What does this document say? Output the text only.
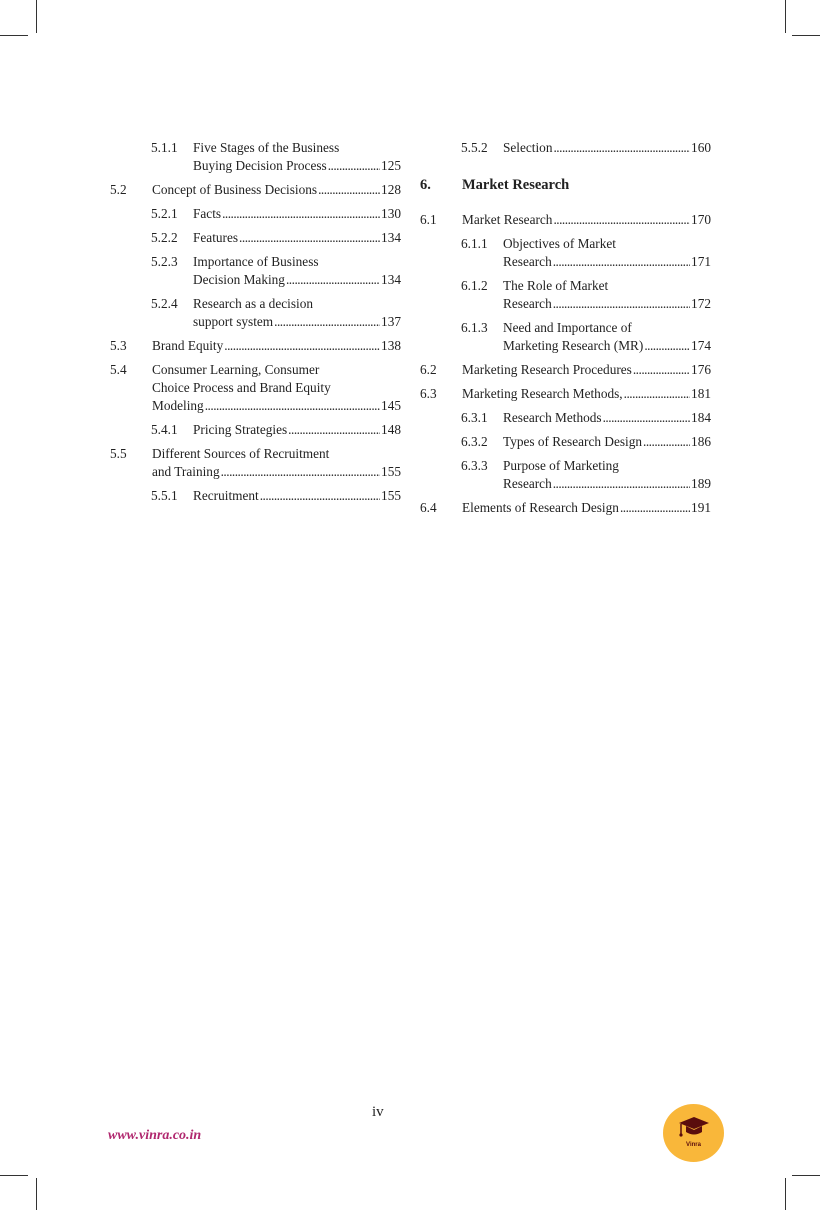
5.1.1 Five Stages of the Business
Buying Decision Process .....	125
5.2 Concept of Business Decisions .....	128
5.2.1 Facts .....	130
5.2.2 Features .....	134
5.2.3 Importance of Business
Decision Making .....	134
5.2.4 Research as a decision
support system .....	137
5.3 Brand Equity .....	138
5.4 Consumer Learning, Consumer
Choice Process and Brand Equity
Modeling .....	145
5.4.1 Pricing Strategies .....	148
5.5 Different Sources of Recruitment
and Training .....	155
5.5.1 Recruitment .....	155
5.5.2 Selection .....	160
6. Market Research
6.1 Market Research .....	170
6.1.1 Objectives of Market
Research .....	171
6.1.2 The Role of Market
Research .....	172
6.1.3 Need and Importance of
Marketing Research (MR) .....	174
6.2 Marketing Research Procedures .....	176
6.3 Marketing Research Methods, .....	181
6.3.1 Research Methods .....	184
6.3.2 Types of Research Design .....	186
6.3.3 Purpose of Marketing
Research .....	189
6.4 Elements of Research Design .....	191
iv
www.vinra.co.in
Vinra
